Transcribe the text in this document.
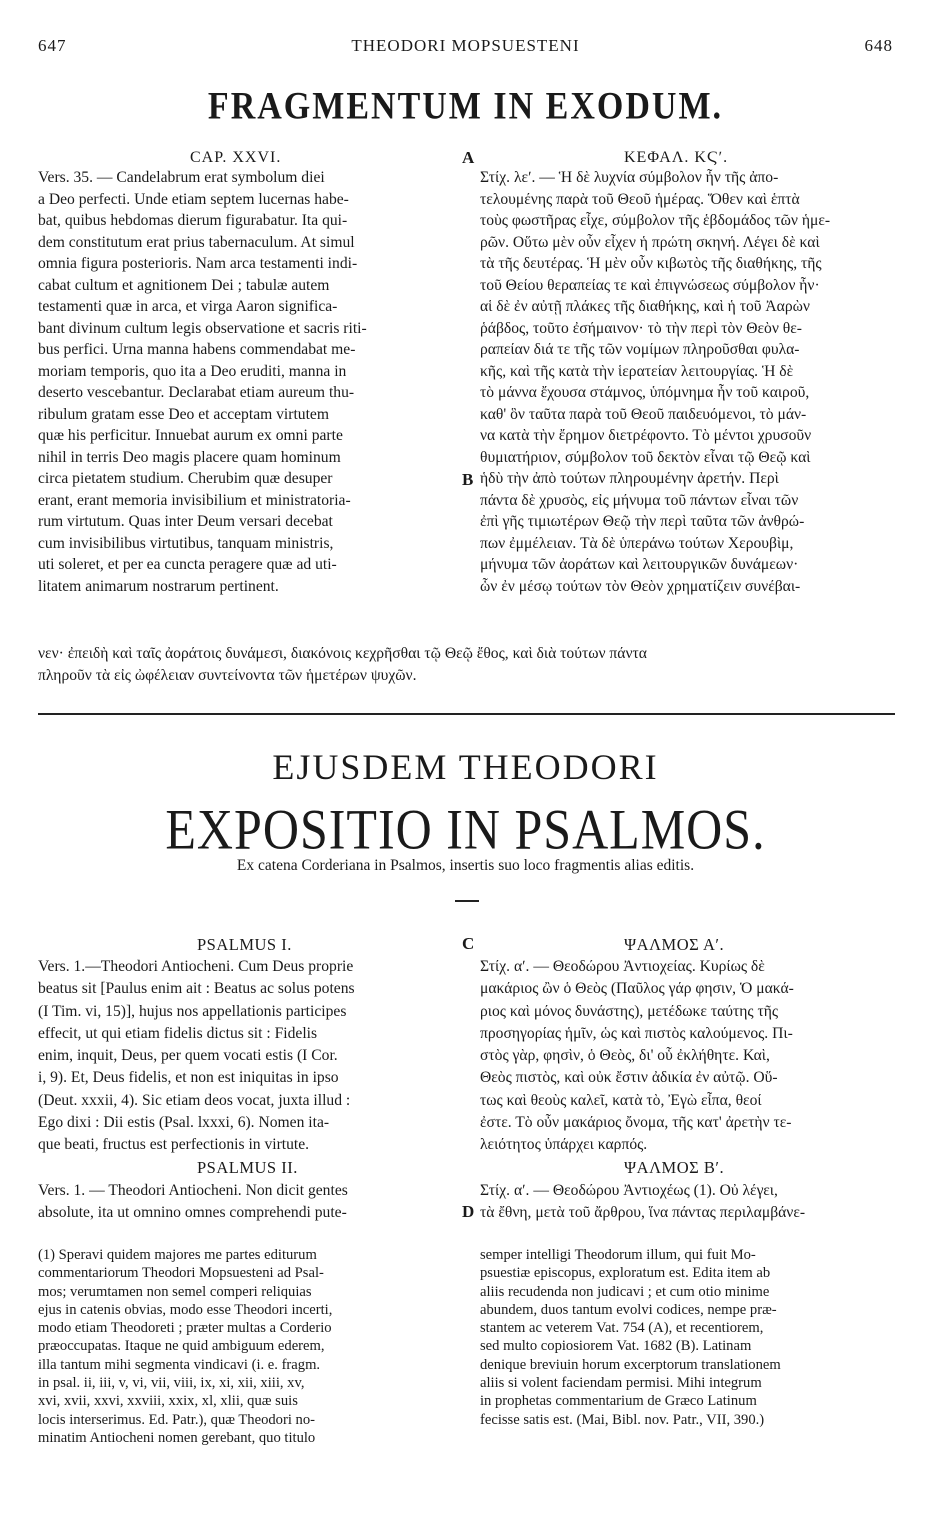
647	THEODORI MOPSUESTENI	648
FRAGMENTUM IN EXODUM.
CAP. XXVI.	A	ΚΕΦΑΛ. ΚϚʹ.
Vers. 35. — Candelabrum erat symbolum diei
a Deo perfecti. Unde etiam septem lucernas habe-
bat, quibus hebdomas dierum figurabatur. Ita qui-
dem constitutum erat prius tabernaculum. At simul
omnia figura posterioris. Nam arca testamenti indi-
cabat cultum et agnitionem Dei ; tabulæ autem
testamenti quæ in arca, et virga Aaron significa-
bant divinum cultum legis observatione et sacris riti-
bus perfici. Urna manna habens commendabat me-
moriam temporis, quo ita a Deo eruditi, manna in
deserto vescebantur. Declarabat etiam aureum thu-
ribulum gratam esse Deo et acceptam virtutem
quæ his perficitur. Innuebat aurum ex omni parte
nihil in terris Deo magis placere quam hominum
circa pietatem studium. Cherubim quæ desuper
erant, erant memoria invisibilium et ministratoria-
rum virtutum. Quas inter Deum versari decebat
cum invisibilibus virtutibus, tanquam ministris,
uti soleret, et per ea cuncta peragere quæ ad uti-
litatem animarum nostrarum pertinent.
Στίχ. λεʹ. — Ἡ δὲ λυχνία σύμβολον ἦν τῆς ἀπο-
τελουμένης παρὰ τοῦ Θεοῦ ἡμέρας. Ὅθεν καὶ ἑπτὰ
τοὺς φωστῆρας εἶχε, σύμβολον τῆς ἑβδομάδος τῶν ἡμε-
ρῶν. Οὕτω μὲν οὖν εἶχεν ἡ πρώτη σκηνή. Λέγει δὲ καὶ
τὰ τῆς δευτέρας. Ἡ μὲν οὖν κιβωτὸς τῆς διαθήκης, τῆς
τοῦ Θείου θεραπείας τε καὶ ἐπιγνώσεως σύμβολον ἦν·
αἱ δὲ ἐν αὐτῇ πλάκες τῆς διαθήκης, καὶ ἡ τοῦ Ἀαρὼν
ῥάβδος, τοῦτο ἐσήμαινον· τὸ τὴν περὶ τὸν Θεὸν θε-
ραπείαν διά τε τῆς τῶν νομίμων πληροῦσθαι φυλα-
κῆς, καὶ τῆς κατὰ τὴν ἱερατείαν λειτουργίας. Ἡ δὲ
τὸ μάννα ἔχουσα στάμνος, ὑπόμνημα ἦν τοῦ καιροῦ,
καθ' ὃν ταῦτα παρὰ τοῦ Θεοῦ παιδευόμενοι, τὸ μάν-
να κατὰ τὴν ἔρημον διετρέφοντο. Τὸ μέντοι χρυσοῦν
θυμιατήριον, σύμβολον τοῦ δεκτὸν εἶναι τῷ Θεῷ καὶ
ἡδὺ τὴν ἀπὸ τούτων πληρουμένην ἀρετήν. Περὶ
πάντα δὲ χρυσὸς, εἰς μήνυμα τοῦ πάντων εἶναι τῶν
ἐπὶ γῆς τιμιωτέρων Θεῷ τὴν περὶ ταῦτα τῶν ἀνθρώ-
πων ἐμμέλειαν. Τὰ δὲ ὑπεράνω τούτων Χερουβὶμ,
μήνυμα τῶν ἀοράτων καὶ λειτουργικῶν δυνάμεων·
ὧν ἐν μέσῳ τούτων τὸν Θεὸν χρηματίζειν συνέβαι-
B
νεν· ἐπειδὴ καὶ ταῖς ἀοράτοις δυνάμεσι, διακόνοις κεχρῆσθαι τῷ Θεῷ ἔθος, καὶ διὰ τούτων πάντα
πληροῦν τὰ εἰς ὠφέλειαν συντείνοντα τῶν ἡμετέρων ψυχῶν.
EJUSDEM THEODORI
EXPOSITIO IN PSALMOS.
Ex catena Corderiana in Psalmos, insertis suo loco fragmentis alias editis.
PSALMUS I.	C	ΨΑΛΜΟΣ Αʹ.
Vers. 1.—Theodori Antiocheni. Cum Deus proprie
beatus sit [Paulus enim ait : Beatus ac solus potens
(I Tim. vi, 15)], hujus nos appellationis participes
effecit, ut qui etiam fidelis dictus sit : Fidelis
enim, inquit, Deus, per quem vocati estis (I Cor.
i, 9). Et, Deus fidelis, et non est iniquitas in ipso
(Deut. xxxii, 4). Sic etiam deos vocat, juxta illud :
Ego dixi : Dii estis (Psal. lxxxi, 6). Nomen ita-
que beati, fructus est perfectionis in virtute.
Στίχ. αʹ. — Θεοδώρου Ἀντιοχείας. Κυρίως δὲ
μακάριος ὢν ὁ Θεὸς (Παῦλος γάρ φησιν, Ὁ μακά-
ριος καὶ μόνος δυνάστης), μετέδωκε ταύτης τῆς
προσηγορίας ἡμῖν, ὡς καὶ πιστὸς καλούμενος. Πι-
στὸς γὰρ, φησὶν, ὁ Θεὸς, δι' οὗ ἐκλήθητε. Καὶ,
Θεὸς πιστὸς, καὶ οὐκ ἔστιν ἀδικία ἐν αὐτῷ. Οὕ-
τως καὶ θεοὺς καλεῖ, κατὰ τὸ, Ἐγὼ εἶπα, θεοί
ἐστε. Τὸ οὖν μακάριος ὄνομα, τῆς κατ' ἀρετὴν τε-
λειότητος ὑπάρχει καρπός.
PSALMUS II.	ΨΑΛΜΟΣ Βʹ.
Vers. 1. — Theodori Antiocheni. Non dicit gentes
absolute, ita ut omnino omnes comprehendi pute-
Στίχ. αʹ. — Θεοδώρου Ἀντιοχέως (1). Οὐ λέγει,
τὰ ἔθνη, μετὰ τοῦ ἄρθρου, ἵνα πάντας περιλαμβάνε-
D
(1) Speravi quidem majores me partes editurum
commentariorum Theodori Mopsuesteni ad Psal-
mos; verumtamen non semel comperi reliquias
ejus in catenis obvias, modo esse Theodori incerti,
modo etiam Theodoreti ; præter multas a Corderio
præoccupatas. Itaque ne quid ambiguum ederem,
illa tantum mihi segmenta vindicavi (i. e. fragm.
in psal. ii, iii, v, vi, vii, viii, ix, xi, xii, xiii, xv,
xvi, xvii, xxvi, xxviii, xxix, xl, xlii, quæ suis
locis interserimus. Ed. Patr.), quæ Theodori no-
minatim Antiocheni nomen gerebant, quo titulo
semper intelligi Theodorum illum, qui fuit Mo-
psuestiæ episcopus, exploratum est. Edita item ab
aliis recudenda non judicavi ; et cum otio minime
abundem, duos tantum evolvi codices, nempe præ-
stantem ac veterem Vat. 754 (A), et recentiorem,
sed multo copiosiorem Vat. 1682 (B). Latinam
denique breviuin horum excerptorum translationem
aliis si volent faciendam permisi. Mihi integrum
in prophetas commentarium de Græco Latinum
fecisse satis est. (Mai, Bibl. nov. Patr., VII, 390.)
